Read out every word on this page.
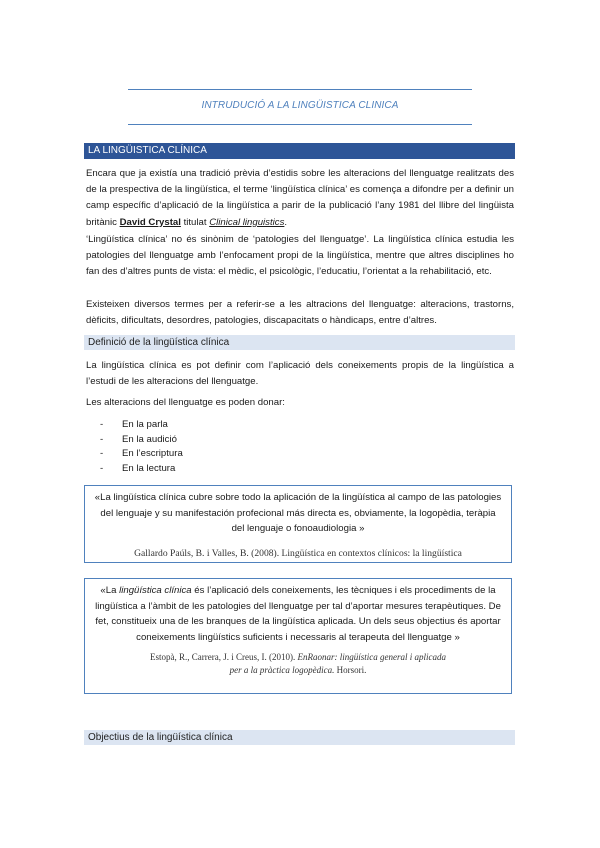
INTRUDUCIÓ A LA LINGÜISTICA CLINICA
LA LINGÜISTICA CLÍNICA

Encara que ja existía una tradició prèvia d’estidis sobre les alteracions del llenguatge realitzats des de la prespectiva de la lingüística, el terme ‘lingüística clínica’ es comença a difondre per a definir un camp específic d’aplicació de la lingüística a parir de la publicació l’any 1981 del llibre del lingüista britànic David Crystal titulat Clinical linguistics.

‘Lingüística clínica’ no és sinònim de ‘patologies del llenguatge’. La lingüística clínica estudia les patologies del llenguatge amb l’enfocament propi de la lingüística, mentre que altres disciplines ho fan des d’altres punts de vista: el mèdic, el psicològic, l’educatiu, l’orientat a la rehabilitació, etc.

Existeixen diversos termes per a referir-se a les altracions del llenguatge: alteracions, trastorns, dèficits, dificultats, desordres, patologies, discapacitats o hàndicaps, entre d’altres.

Definició de la lingüística clínica

La lingüística clínica es pot definir com l’aplicació dels coneixements propis de la lingüística a l’estudi de les alteracions del llenguatge.

Les alteracions del llenguatge es poden donar:

-	En la parla
-	En la audició
-	En l’escriptura
-	En la lectura

«La lingüística clínica cubre sobre todo la aplicación de la lingüística al campo de las patologies del lenguaje y su manifestación profecional más directa es, obviamente, la logopèdia, teràpia del lenguaje o fonoaudiologia »

Gallardo Paúls, B. i Valles, B. (2008). Lingüística en contextos clínicos: la lingüística

«La lingüística clínica és l’aplicació dels coneixements, les tècniques i els procediments de la lingüística a l’àmbit de les patologies del llenguatge per tal d’aportar mesures terapèutiques. De fet, constitueix una de les branques de la lingüística aplicada. Un dels seus objectius és aportar coneixements lingüístics suficients i necessaris al terapeuta del llenguatge »

Estopà, R., Carrera, J. i Creus, I. (2010). EnRaonar: lingüística general i aplicada per a la pràctica logopèdica. Horsori.

Objectius de la lingüística clínica
